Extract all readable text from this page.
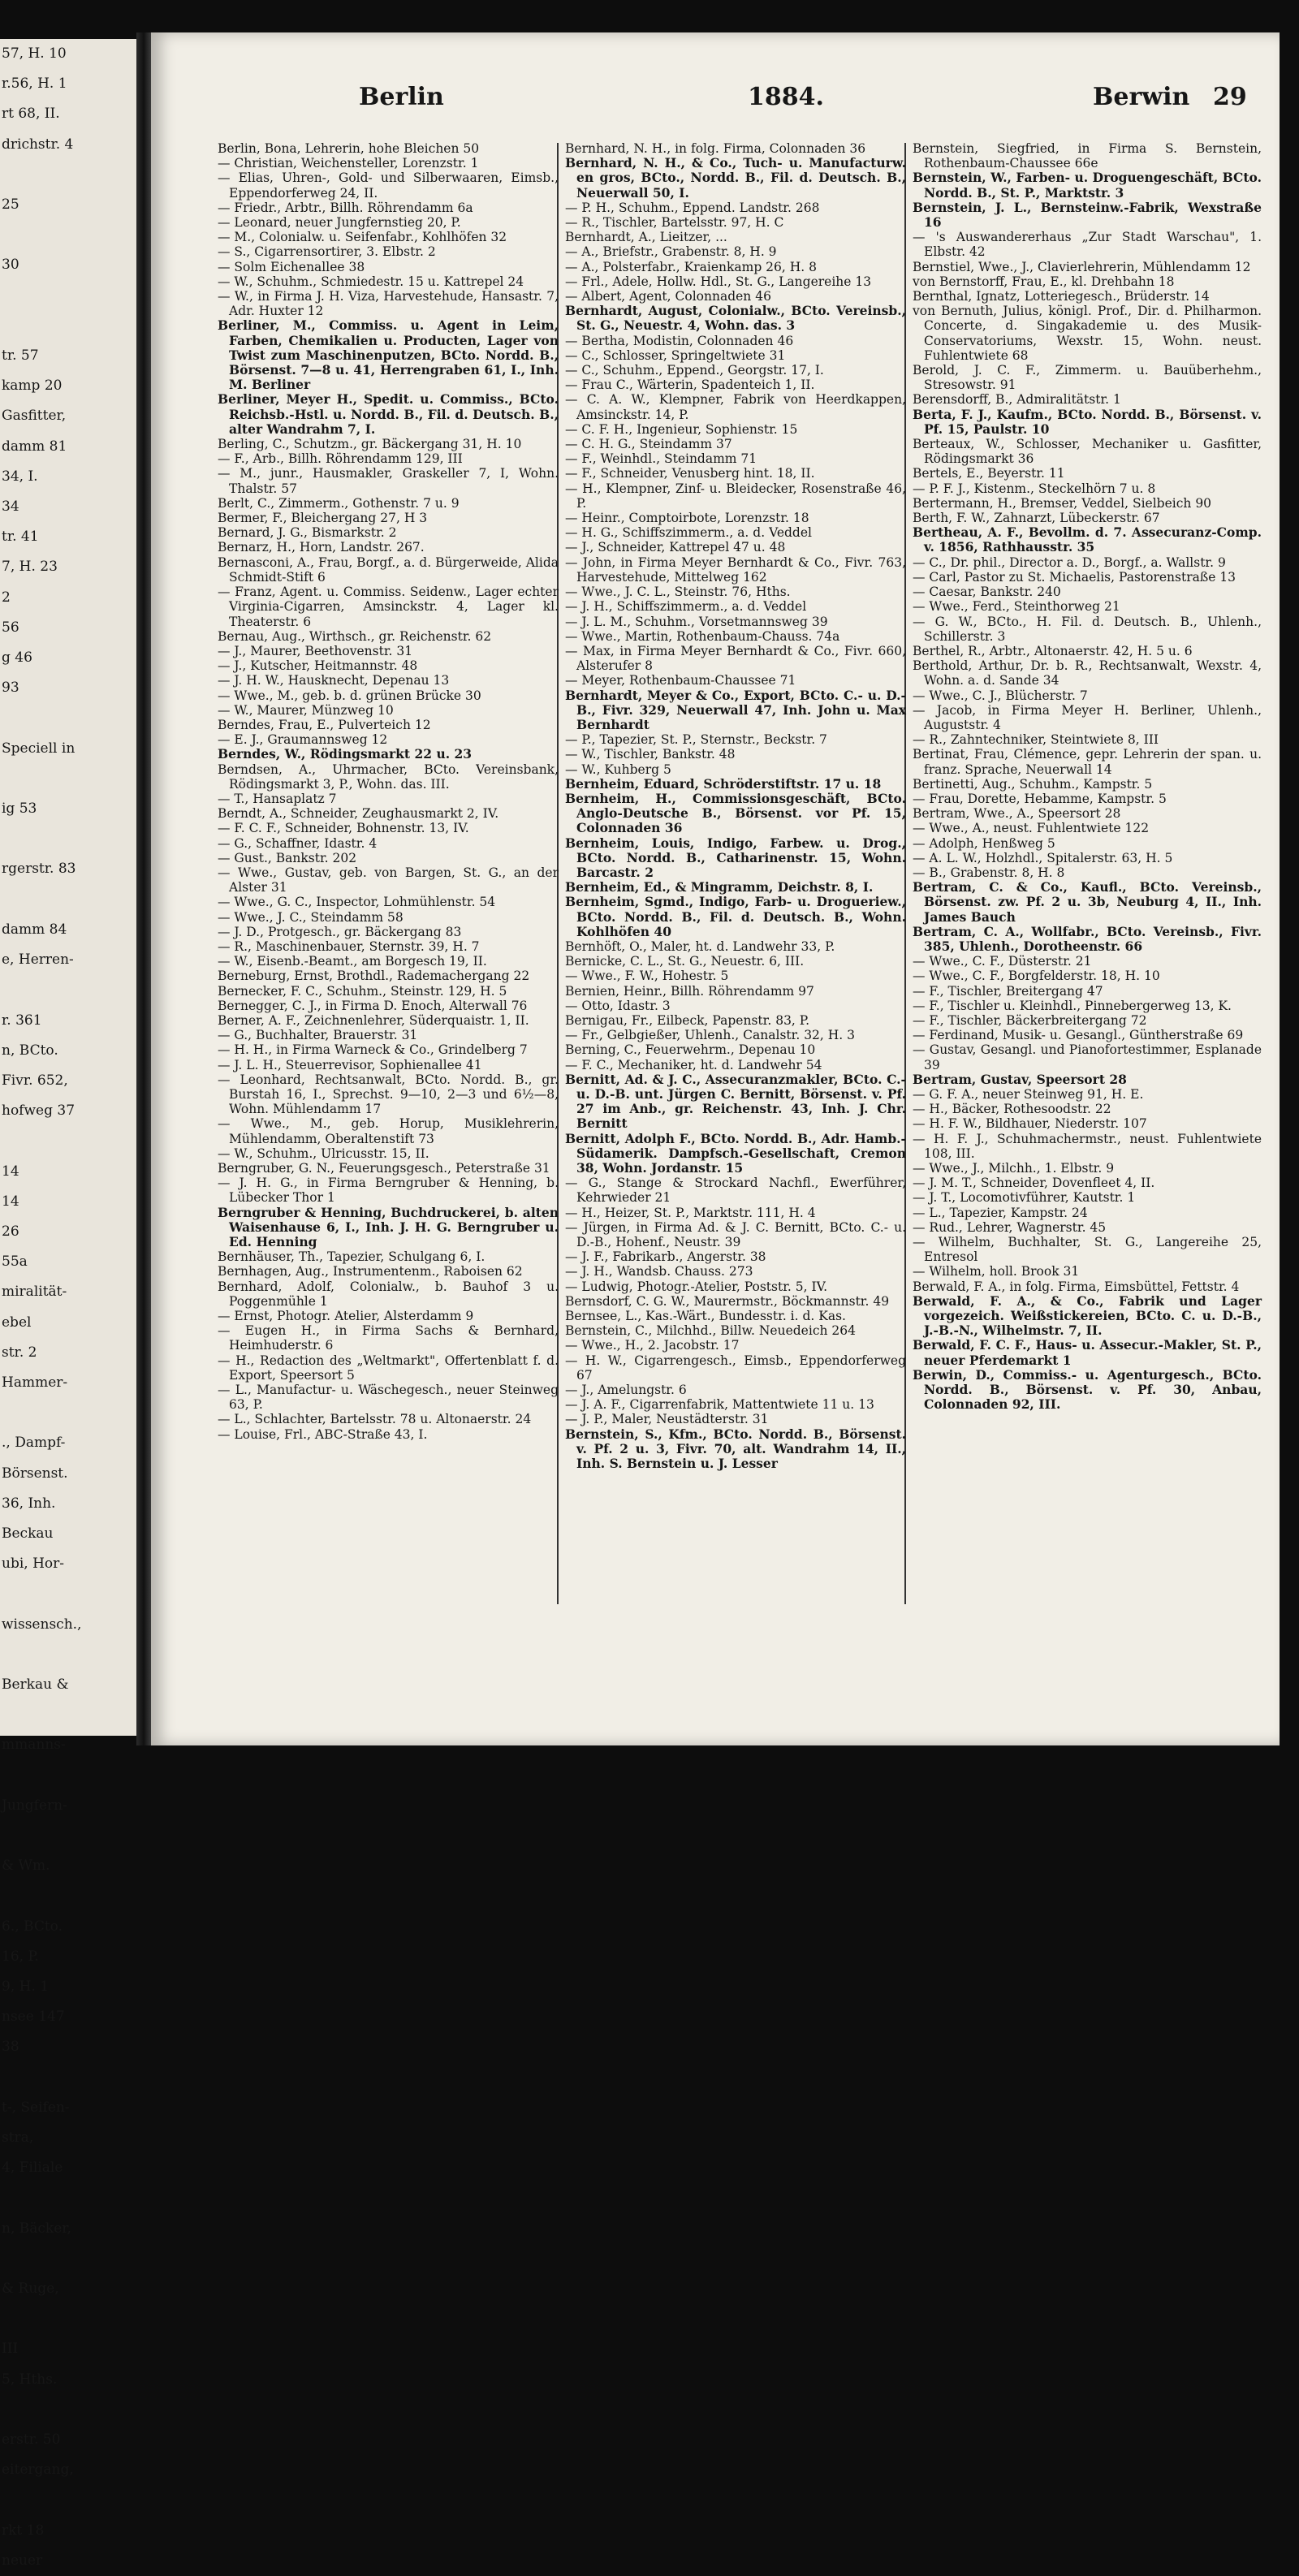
57, H. 10
r.56, H. 1
rt 68, II.
drichstr. 4

25

30

tr. 57
kamp 20
Gasfitter,
damm 81
34, I.
34
tr. 41
7, H. 23
2
56
g 46
93

Speciell in

ig 53

rgerstr. 83

damm 84
e, Herren-

r. 361
n, BCto.
Fivr. 652,
hofweg 37

14
14
26
55a
miralität-
ebel
str. 2
Hammer-

., Dampf-
Börsenst.
36, Inh.
Beckau
ubi, Hor-

wissensch.,

Berkau &

mmanns-

Jungfern-

& Wm.

6., BCto.
16, P.
9, H. 1
nsee 147
38

t-, Seifen-
stra,
4, Filiale

n, Bäcker,

& Ruge,

III
5, Hths.

erstr. 50
eitergang,

rkt 18
neuer
Berlin	1884.	Berwin 29

Berlin, Bona, Lehrerin, hohe Bleichen 50

— Christian, Weichensteller, Lorenzstr. 1

— Elias, Uhren-, Gold- und Silberwaaren, Eimsb., Eppendorferweg 24, II.

— Friedr., Arbtr., Billh. Röhrendamm 6a

— Leonard, neuer Jungfernstieg 20, P.

— M., Colonialw. u. Seifenfabr., Kohlhöfen 32

— S., Cigarrensortirer, 3. Elbstr. 2

— Solm Eichenallee 38

— W., Schuhm., Schmiedestr. 15 u. Kattrepel 24

— W., in Firma J. H. Viza, Harvestehude, Hansastr. 7, Adr. Huxter 12

Berliner, M., Commiss. u. Agent in Leim, Farben, Chemikalien u. Producten, Lager von Twist zum Maschinenputzen, BCto. Nordd. B., Börsenst. 7—8 u. 41, Herrengraben 61, I., Inh. M. Berliner

Berliner, Meyer H., Spedit. u. Commiss., BCto. Reichsb.-Hstl. u. Nordd. B., Fil. d. Deutsch. B., alter Wandrahm 7, I.

Berling, C., Schutzm., gr. Bäckergang 31, H. 10

— F., Arb., Billh. Röhrendamm 129, III

— M., junr., Hausmakler, Graskeller 7, I, Wohn. Thalstr. 57

Berlt, C., Zimmerm., Gothenstr. 7 u. 9

Bermer, F., Bleichergang 27, H 3

Bernard, J. G., Bismarkstr. 2

Bernarz, H., Horn, Landstr. 267.

Bernasconi, A., Frau, Borgf., a. d. Bürgerweide, Alida Schmidt-Stift 6

— Franz, Agent. u. Commiss. Seidenw., Lager echter Virginia-Cigarren, Amsinckstr. 4, Lager kl. Theaterstr. 6

Bernau, Aug., Wirthsch., gr. Reichenstr. 62

— J., Maurer, Beethovenstr. 31

— J., Kutscher, Heitmannstr. 48

— J. H. W., Hausknecht, Depenau 13

— Wwe., M., geb. b. d. grünen Brücke 30

— W., Maurer, Münzweg 10

Berndes, Frau, E., Pulverteich 12

— E. J., Graumannsweg 12

Berndes, W., Rödingsmarkt 22 u. 23

Berndsen, A., Uhrmacher, BCto. Vereinsbank, Rödingsmarkt 3, P., Wohn. das. III.

— T., Hansaplatz 7

Berndt, A., Schneider, Zeughausmarkt 2, IV.

— F. C. F., Schneider, Bohnenstr. 13, IV.

— G., Schaffner, Idastr. 4

— Gust., Bankstr. 202

— Wwe., Gustav, geb. von Bargen, St. G., an der Alster 31

— Wwe., G. C., Inspector, Lohmühlenstr. 54

— Wwe., J. C., Steindamm 58

— J. D., Protgesch., gr. Bäckergang 83

— R., Maschinenbauer, Sternstr. 39, H. 7

— W., Eisenb.-Beamt., am Borgesch 19, II.

Berneburg, Ernst, Brothdl., Rademachergang 22

Bernecker, F. C., Schuhm., Steinstr. 129, H. 5

Bernegger, C. J., in Firma D. Enoch, Alterwall 76

Berner, A. F., Zeichnenlehrer, Süderquaistr. 1, II.

— G., Buchhalter, Brauerstr. 31

— H. H., in Firma Warneck & Co., Grindelberg 7

— J. L. H., Steuerrevisor, Sophienallee 41

— Leonhard, Rechtsanwalt, BCto. Nordd. B., gr. Burstah 16, I., Sprechst. 9—10, 2—3 und 6½—8, Wohn. Mühlendamm 17

— Wwe., M., geb. Horup, Musiklehrerin, Mühlendamm, Oberaltenstift 73

— W., Schuhm., Ulricusstr. 15, II.

Berngruber, G. N., Feuerungsgesch., Peterstraße 31

— J. H. G., in Firma Berngruber & Henning, b. Lübecker Thor 1

Berngruber & Henning, Buchdruckerei, b. alten Waisenhause 6, I., Inh. J. H. G. Berngruber u. Ed. Henning

Bernhäuser, Th., Tapezier, Schulgang 6, I.

Bernhagen, Aug., Instrumentenm., Raboisen 62

Bernhard, Adolf, Colonialw., b. Bauhof 3 u. Poggenmühle 1

— Ernst, Photogr. Atelier, Alsterdamm 9

— Eugen H., in Firma Sachs & Bernhard, Heimhuderstr. 6

— H., Redaction des „Weltmarkt", Offertenblatt f. d. Export, Speersort 5

— L., Manufactur- u. Wäschegesch., neuer Steinweg 63, P.

— L., Schlachter, Bartelsstr. 78 u. Altonaerstr. 24

— Louise, Frl., ABC-Straße 43, I.

Bernhard, N. H., in folg. Firma, Colonnaden 36

Bernhard, N. H., & Co., Tuch- u. Manufacturw. en gros, BCto., Nordd. B., Fil. d. Deutsch. B., Neuerwall 50, I.

— P. H., Schuhm., Eppend. Landstr. 268

— R., Tischler, Bartelsstr. 97, H. C

Bernhardt, A., Lieitzer, ...

— A., Briefstr., Grabenstr. 8, H. 9

— A., Polsterfabr., Kraienkamp 26, H. 8

— Frl., Adele, Hollw. Hdl., St. G., Langereihe 13

— Albert, Agent, Colonnaden 46

Bernhardt, August, Colonialw., BCto. Vereinsb., St. G., Neuestr. 4, Wohn. das. 3

— Bertha, Modistin, Colonnaden 46

— C., Schlosser, Springeltwiete 31

— C., Schuhm., Eppend., Georgstr. 17, I.

— Frau C., Wärterin, Spadenteich 1, II.

— C. A. W., Klempner, Fabrik von Heerdkappen, Amsinckstr. 14, P.

— C. F. H., Ingenieur, Sophienstr. 15

— C. H. G., Steindamm 37

— F., Weinhdl., Steindamm 71

— F., Schneider, Venusberg hint. 18, II.

— H., Klempner, Zinf- u. Bleidecker, Rosenstraße 46, P.

— Heinr., Comptoirbote, Lorenzstr. 18

— H. G., Schiffszimmerm., a. d. Veddel

— J., Schneider, Kattrepel 47 u. 48

— John, in Firma Meyer Bernhardt & Co., Fivr. 763, Harvestehude, Mittelweg 162

— Wwe., J. C. L., Steinstr. 76, Hths.

— J. H., Schiffszimmerm., a. d. Veddel

— J. L. M., Schuhm., Vorsetmannsweg 39

— Wwe., Martin, Rothenbaum-Chauss. 74a

— Max, in Firma Meyer Bernhardt & Co., Fivr. 660, Alsterufer 8

— Meyer, Rothenbaum-Chaussee 71

Bernhardt, Meyer & Co., Export, BCto. C.- u. D.-B., Fivr. 329, Neuerwall 47, Inh. John u. Max Bernhardt

— P., Tapezier, St. P., Sternstr., Beckstr. 7

— W., Tischler, Bankstr. 48

— W., Kuhberg 5

Bernheim, Eduard, Schröderstiftstr. 17 u. 18

Bernheim, H., Commissionsgeschäft, BCto. Anglo-Deutsche B., Börsenst. vor Pf. 15, Colonnaden 36

Bernheim, Louis, Indigo, Farbew. u. Drog., BCto. Nordd. B., Catharinenstr. 15, Wohn. Barcastr. 2

Bernheim, Ed., & Mingramm, Deichstr. 8, I.

Bernheim, Sgmd., Indigo, Farb- u. Drogueriew., BCto. Nordd. B., Fil. d. Deutsch. B., Wohn. Kohlhöfen 40

Bernhöft, O., Maler, ht. d. Landwehr 33, P.

Bernicke, C. L., St. G., Neuestr. 6, III.

— Wwe., F. W., Hohestr. 5

Bernien, Heinr., Billh. Röhrendamm 97

— Otto, Idastr. 3

Bernigau, Fr., Eilbeck, Papenstr. 83, P.

— Fr., Gelbgießer, Uhlenh., Canalstr. 32, H. 3

Berning, C., Feuerwehrm., Depenau 10

— F. C., Mechaniker, ht. d. Landwehr 54

Bernitt, Ad. & J. C., Assecuranzmakler, BCto. C.- u. D.-B. unt. Jürgen C. Bernitt, Börsenst. v. Pf. 27 im Anb., gr. Reichenstr. 43, Inh. J. Chr. Bernitt

Bernitt, Adolph F., BCto. Nordd. B., Adr. Hamb.-Südamerik. Dampfsch.-Gesellschaft, Cremon 38, Wohn. Jordanstr. 15

— G., Stange & Strockard Nachfl., Ewerführer, Kehrwieder 21

— H., Heizer, St. P., Marktstr. 111, H. 4

— Jürgen, in Firma Ad. & J. C. Bernitt, BCto. C.- u. D.-B., Hohenf., Neustr. 39

— J. F., Fabrikarb., Angerstr. 38

— J. H., Wandsb. Chauss. 273

— Ludwig, Photogr.-Atelier, Poststr. 5, IV.

Bernsdorf, C. G. W., Maurermstr., Böckmannstr. 49

Bernsee, L., Kas.-Wärt., Bundesstr. i. d. Kas.

Bernstein, C., Milchhd., Billw. Neuedeich 264

— Wwe., H., 2. Jacobstr. 17

— H. W., Cigarrengesch., Eimsb., Eppendorferweg 67

— J., Amelungstr. 6

— J. A. F., Cigarrenfabrik, Mattentwiete 11 u. 13

— J. P., Maler, Neustädterstr. 31

Bernstein, S., Kfm., BCto. Nordd. B., Börsenst. v. Pf. 2 u. 3, Fivr. 70, alt. Wandrahm 14, II., Inh. S. Bernstein u. J. Lesser

Bernstein, Siegfried, in Firma S. Bernstein, Rothenbaum-Chaussee 66e

Bernstein, W., Farben- u. Droguengeschäft, BCto. Nordd. B., St. P., Marktstr. 3

Bernstein, J. L., Bernsteinw.-Fabrik, Wexstraße 16

— 's Auswandererhaus „Zur Stadt Warschau", 1. Elbstr. 42

Bernstiel, Wwe., J., Clavierlehrerin, Mühlendamm 12

von Bernstorff, Frau, E., kl. Drehbahn 18

Bernthal, Ignatz, Lotteriegesch., Brüderstr. 14

von Bernuth, Julius, königl. Prof., Dir. d. Philharmon. Concerte, d. Singakademie u. des Musik-Conservatoriums, Wexstr. 15, Wohn. neust. Fuhlentwiete 68

Berold, J. C. F., Zimmerm. u. Bauüberhehm., Stresowstr. 91

Berensdorff, B., Admiralitätstr. 1

Berta, F. J., Kaufm., BCto. Nordd. B., Börsenst. v. Pf. 15, Paulstr. 10

Berteaux, W., Schlosser, Mechaniker u. Gasfitter, Rödingsmarkt 36

Bertels, E., Beyerstr. 11

— P. F. J., Kistenm., Steckelhörn 7 u. 8

Bertermann, H., Bremser, Veddel, Sielbeich 90

Berth, F. W., Zahnarzt, Lübeckerstr. 67

Bertheau, A. F., Bevollm. d. 7. Assecuranz-Comp. v. 1856, Rathhausstr. 35

— C., Dr. phil., Director a. D., Borgf., a. Wallstr. 9

— Carl, Pastor zu St. Michaelis, Pastorenstraße 13

— Caesar, Bankstr. 240

— Wwe., Ferd., Steinthorweg 21

— G. W., BCto., H. Fil. d. Deutsch. B., Uhlenh., Schillerstr. 3

Berthel, R., Arbtr., Altonaerstr. 42, H. 5 u. 6

Berthold, Arthur, Dr. b. R., Rechtsanwalt, Wexstr. 4, Wohn. a. d. Sande 34

— Wwe., C. J., Blücherstr. 7

— Jacob, in Firma Meyer H. Berliner, Uhlenh., Auguststr. 4

— R., Zahntechniker, Steintwiete 8, III

Bertinat, Frau, Clémence, gepr. Lehrerin der span. u. franz. Sprache, Neuerwall 14

Bertinetti, Aug., Schuhm., Kampstr. 5

— Frau, Dorette, Hebamme, Kampstr. 5

Bertram, Wwe., A., Speersort 28

— Wwe., A., neust. Fuhlentwiete 122

— Adolph, Henßweg 5

— A. L. W., Holzhdl., Spitalerstr. 63, H. 5

— B., Grabenstr. 8, H. 8

Bertram, C. & Co., Kaufl., BCto. Vereinsb., Börsenst. zw. Pf. 2 u. 3b, Neuburg 4, II., Inh. James Bauch

Bertram, C. A., Wollfabr., BCto. Vereinsb., Fivr. 385, Uhlenh., Dorotheenstr. 66

— Wwe., C. F., Düsterstr. 21

— Wwe., C. F., Borgfelderstr. 18, H. 10

— F., Tischler, Breitergang 47

— F., Tischler u. Kleinhdl., Pinnebergerweg 13, K.

— F., Tischler, Bäckerbreitergang 72

— Ferdinand, Musik- u. Gesangl., Güntherstraße 69

— Gustav, Gesangl. und Pianofortestimmer, Esplanade 39

Bertram, Gustav, Speersort 28

— G. F. A., neuer Steinweg 91, H. E.

— H., Bäcker, Rothesoodstr. 22

— H. F. W., Bildhauer, Niederstr. 107

— H. F. J., Schuhmachermstr., neust. Fuhlentwiete 108, III.

— Wwe., J., Milchh., 1. Elbstr. 9

— J. M. T., Schneider, Dovenfleet 4, II.

— J. T., Locomotivführer, Kautstr. 1

— L., Tapezier, Kampstr. 24

— Rud., Lehrer, Wagnerstr. 45

— Wilhelm, Buchhalter, St. G., Langereihe 25, Entresol

— Wilhelm, holl. Brook 31

Berwald, F. A., in folg. Firma, Eimsbüttel, Fettstr. 4

Berwald, F. A., & Co., Fabrik und Lager vorgezeich. Weißstickereien, BCto. C. u. D.-B., J.-B.-N., Wilhelmstr. 7, II.

Berwald, F. C. F., Haus- u. Assecur.-Makler, St. P., neuer Pferdemarkt 1

Berwin, D., Commiss.- u. Agenturgesch., BCto. Nordd. B., Börsenst. v. Pf. 30, Anbau, Colonnaden 92, III.
